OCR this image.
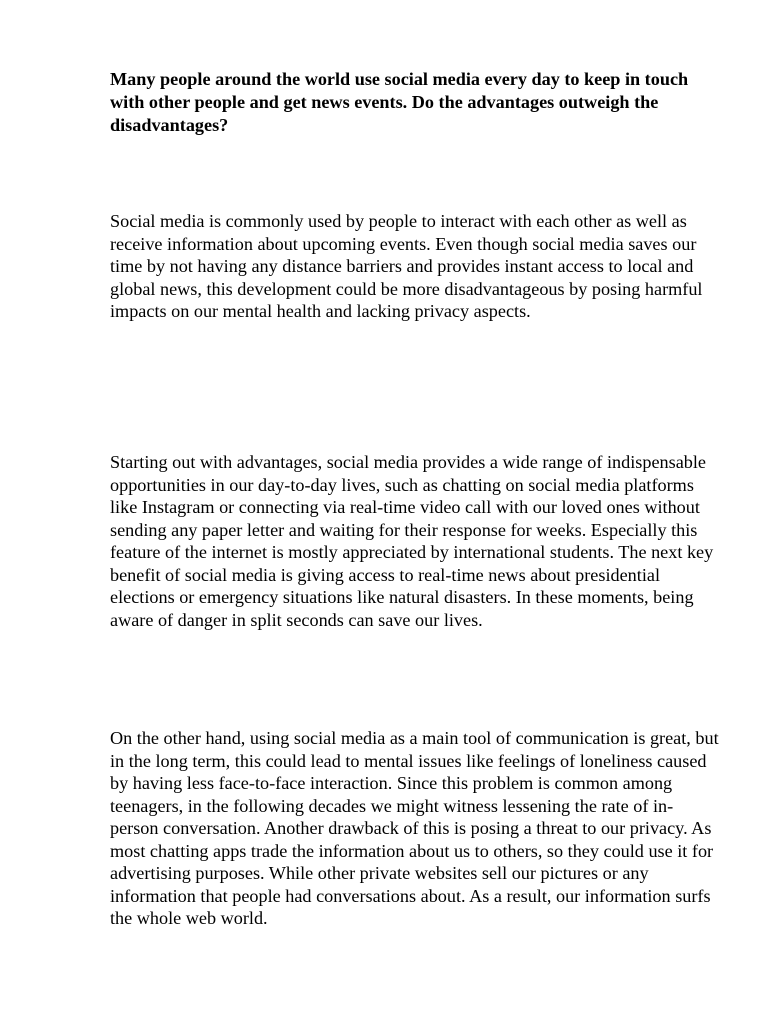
Many people around the world use social media every day to keep in touch with other people and get news events. Do the advantages outweigh the disadvantages?

Social media is commonly used by people to interact with each other as well as receive information about upcoming events. Even though social media saves our time by not having any distance barriers and provides instant access to local and global news, this development could be more disadvantageous by posing harmful impacts on our mental health and lacking privacy aspects.

Starting out with advantages, social media provides a wide range of indispensable opportunities in our day-to-day lives, such as chatting on social media platforms like Instagram or connecting via real-time video call with our loved ones without sending any paper letter and waiting for their response for weeks. Especially this feature of the internet is mostly appreciated by international students. The next key benefit of social media is giving access to real-time news about presidential elections or emergency situations like natural disasters. In these moments, being aware of danger in split seconds can save our lives.

On the other hand, using social media as a main tool of communication is great, but in the long term, this could lead to mental issues like feelings of loneliness caused by having less face-to-face interaction. Since this problem is common among teenagers, in the following decades we might witness lessening the rate of in-person conversation. Another drawback of this is posing a threat to our privacy. As most chatting apps trade the information about us to others, so they could use it for advertising purposes. While other private websites sell our pictures or any information that people had conversations about. As a result, our information surfs the whole web world.
